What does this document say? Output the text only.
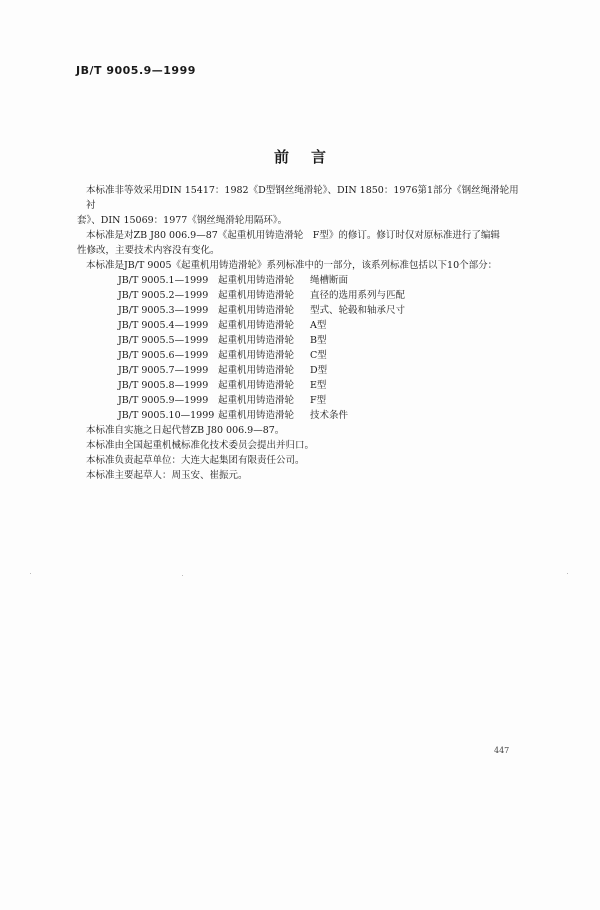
JB/T 9005.9—1999
前言
本标准非等效采用DIN 15417：1982《D型钢丝绳滑轮》、DIN 1850：1976第1部分《钢丝绳滑轮用衬
套》、DIN 15069：1977《钢丝绳滑轮用隔环》。
本标准是对ZB J80 006.9—87《起重机用铸造滑轮　F型》的修订。修订时仅对原标准进行了编辑
性修改，主要技术内容没有变化。
本标准是JB/T 9005《起重机用铸造滑轮》系列标准中的一部分，该系列标准包括以下10个部分：
JB/T 9005.1—1999	起重机用铸造滑轮	绳槽断面
JB/T 9005.2—1999	起重机用铸造滑轮	直径的选用系列与匹配
JB/T 9005.3—1999	起重机用铸造滑轮	型式、轮毂和轴承尺寸
JB/T 9005.4—1999	起重机用铸造滑轮	A型
JB/T 9005.5—1999	起重机用铸造滑轮	B型
JB/T 9005.6—1999	起重机用铸造滑轮	C型
JB/T 9005.7—1999	起重机用铸造滑轮	D型
JB/T 9005.8—1999	起重机用铸造滑轮	E型
JB/T 9005.9—1999	起重机用铸造滑轮	F型
JB/T 9005.10—1999 起重机用铸造滑轮	技术条件
本标准自实施之日起代替ZB J80 006.9—87。
本标准由全国起重机械标准化技术委员会提出并归口。
本标准负责起草单位：大连大起集团有限责任公司。
本标准主要起草人：周玉安、崔振元。
447
